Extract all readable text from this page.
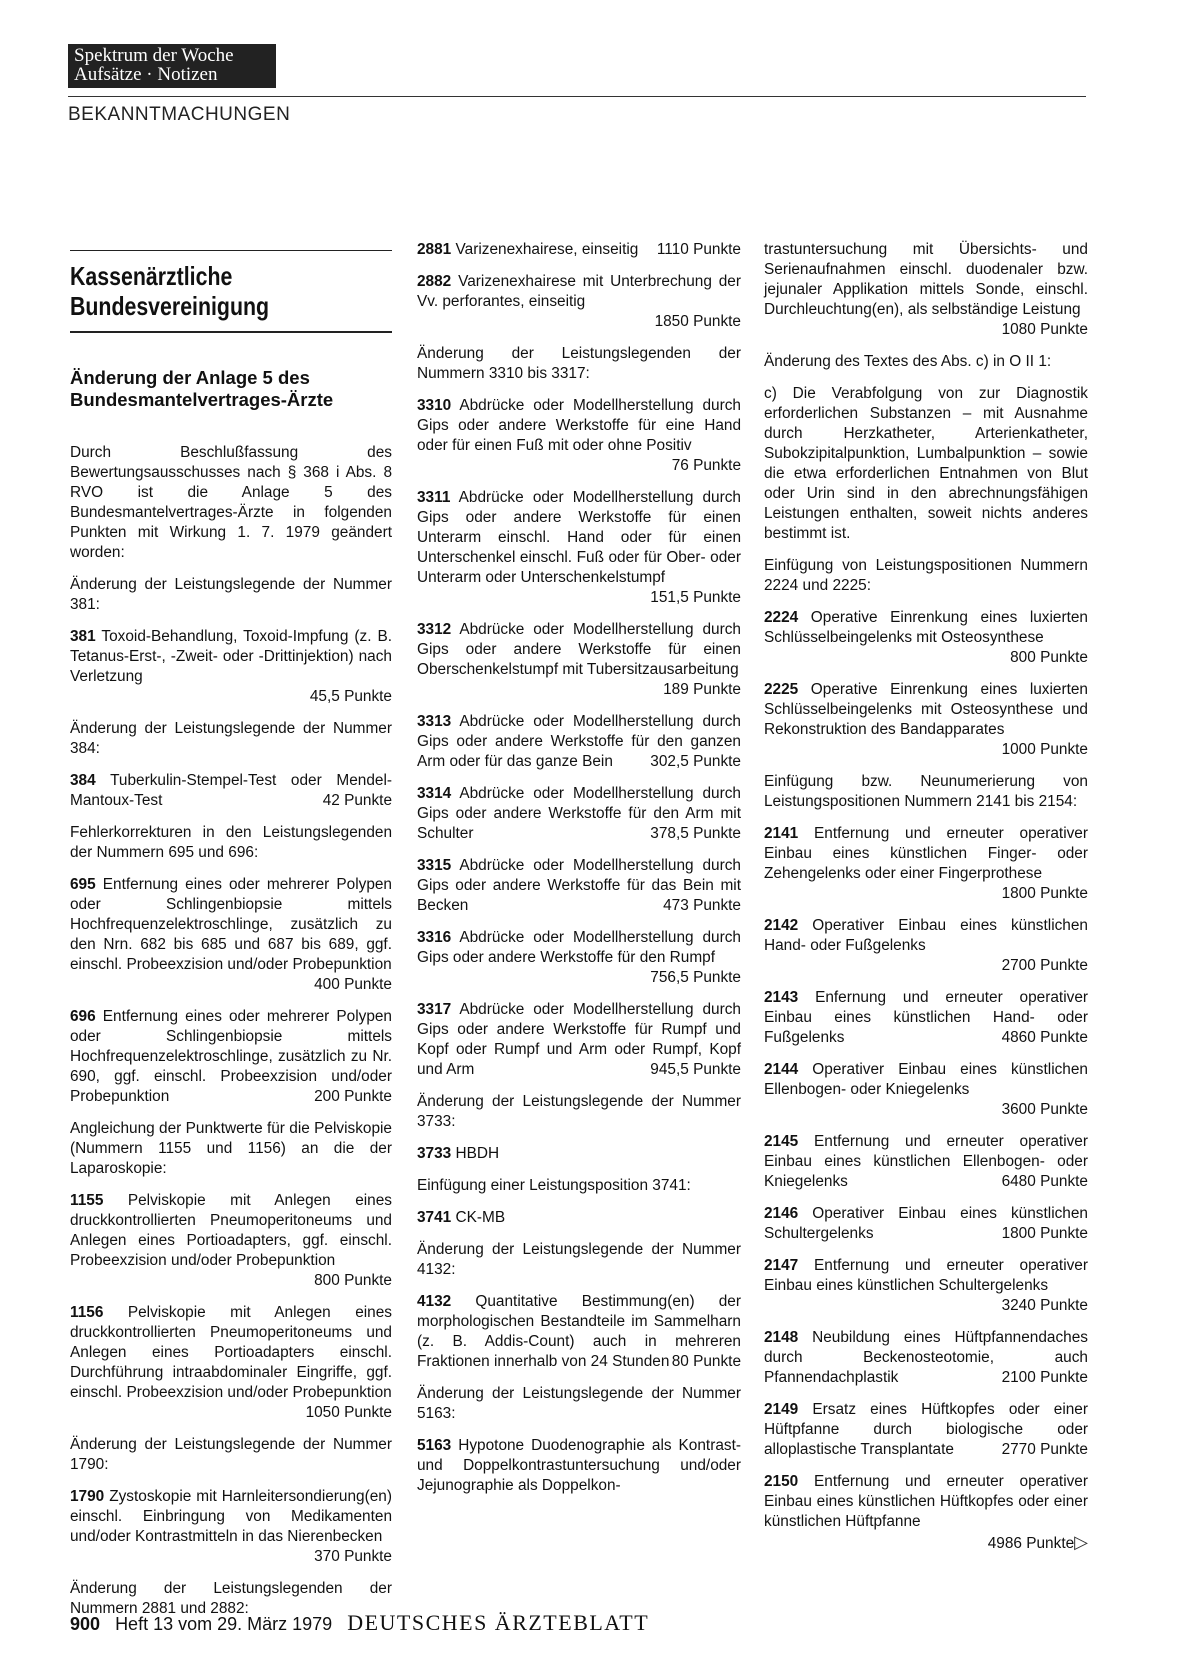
Spektrum der Woche
Aufsätze · Notizen
BEKANNTMACHUNGEN
Kassenärztliche
Bundesvereinigung
Änderung der Anlage 5 des
Bundesmantelvertrages-Ärzte
Durch Beschlußfassung des Bewertungsausschusses nach § 368 i Abs. 8 RVO ist die Anlage 5 des Bundesmantelvertrages-Ärzte in folgenden Punkten mit Wirkung 1. 7. 1979 geändert worden:
Änderung der Leistungslegende der Nummer 381:
381 Toxoid-Behandlung, Toxoid-Impfung (z. B. Tetanus-Erst-, -Zweit- oder -Drittinjektion) nach Verletzung
45,5 Punkte
Änderung der Leistungslegende der Nummer 384:
384 Tuberkulin-Stempel-Test oder Mendel-Mantoux-Test	42 Punkte
Fehlerkorrekturen in den Leistungslegenden der Nummern 695 und 696:
695 Entfernung eines oder mehrerer Polypen oder Schlingenbiopsie mittels Hochfrequenzelektroschlinge, zusätzlich zu den Nrn. 682 bis 685 und 687 bis 689, ggf. einschl. Probeexzision und/oder Probepunktion
400 Punkte
696 Entfernung eines oder mehrerer Polypen oder Schlingenbiopsie mittels Hochfrequenzelektroschlinge, zusätzlich zu Nr. 690, ggf. einschl. Probeexzision und/oder Probepunktion	200 Punkte
Angleichung der Punktwerte für die Pelviskopie (Nummern 1155 und 1156) an die der Laparoskopie:
1155 Pelviskopie mit Anlegen eines druckkontrollierten Pneumoperitoneums und Anlegen eines Portioadapters, ggf. einschl. Probeexzision und/oder Probepunktion
800 Punkte
1156 Pelviskopie mit Anlegen eines druckkontrollierten Pneumoperitoneums und Anlegen eines Portioadapters einschl. Durchführung intraabdominaler Eingriffe, ggf. einschl. Probeexzision und/oder Probepunktion
1050 Punkte
Änderung der Leistungslegende der Nummer 1790:
1790 Zystoskopie mit Harnleitersondierung(en) einschl. Einbringung von Medikamenten und/oder Kontrastmitteln in das Nierenbecken
370 Punkte
Änderung der Leistungslegenden der Nummern 2881 und 2882:
2881 Varizenexhairese, einseitig 1110 Punkte
2882 Varizenexhairese mit Unterbrechung der Vv. perforantes, einseitig
1850 Punkte
Änderung der Leistungslegenden der Nummern 3310 bis 3317:
3310 Abdrücke oder Modellherstellung durch Gips oder andere Werkstoffe für eine Hand oder für einen Fuß mit oder ohne Positiv
76 Punkte
3311 Abdrücke oder Modellherstellung durch Gips oder andere Werkstoffe für einen Unterarm einschl. Hand oder für einen Unterschenkel einschl. Fuß oder für Ober- oder Unterarm oder Unterschenkelstumpf
151,5 Punkte
3312 Abdrücke oder Modellherstellung durch Gips oder andere Werkstoffe für einen Oberschenkelstumpf mit Tubersitzausarbeitung
189 Punkte
3313 Abdrücke oder Modellherstellung durch Gips oder andere Werkstoffe für den ganzen Arm oder für das ganze Bein 302,5 Punkte
3314 Abdrücke oder Modellherstellung durch Gips oder andere Werkstoffe für den Arm mit Schulter	378,5 Punkte
3315 Abdrücke oder Modellherstellung durch Gips oder andere Werkstoffe für das Bein mit Becken	473 Punkte
3316 Abdrücke oder Modellherstellung durch Gips oder andere Werkstoffe für den Rumpf
756,5 Punkte
3317 Abdrücke oder Modellherstellung durch Gips oder andere Werkstoffe für Rumpf und Kopf oder Rumpf und Arm oder Rumpf, Kopf und Arm	945,5 Punkte
Änderung der Leistungslegende der Nummer 3733:
3733 HBDH
Einfügung einer Leistungsposition 3741:
3741 CK-MB
Änderung der Leistungslegende der Nummer 4132:
4132 Quantitative Bestimmung(en) der morphologischen Bestandteile im Sammelharn (z. B. Addis-Count) auch in mehreren Fraktionen innerhalb von 24 Stunden 80 Punkte
Änderung der Leistungslegende der Nummer 5163:
5163 Hypotone Duodenographie als Kontrast- und Doppelkontrastuntersuchung und/oder Jejunographie als Doppelkon-
trastuntersuchung mit Übersichts- und Serienaufnahmen einschl. duodenaler bzw. jejunaler Applikation mittels Sonde, einschl. Durchleuchtung(en), als selbständige Leistung
1080 Punkte
Änderung des Textes des Abs. c) in O II 1:
c) Die Verabfolgung von zur Diagnostik erforderlichen Substanzen – mit Ausnahme durch Herzkatheter, Arterienkatheter, Subokzipitalpunktion, Lumbalpunktion – sowie die etwa erforderlichen Entnahmen von Blut oder Urin sind in den abrechnungsfähigen Leistungen enthalten, soweit nichts anderes bestimmt ist.
Einfügung von Leistungspositionen Nummern 2224 und 2225:
2224 Operative Einrenkung eines luxierten Schlüsselbeingelenks mit Osteosynthese
800 Punkte
2225 Operative Einrenkung eines luxierten Schlüsselbeingelenks mit Osteosynthese und Rekonstruktion des Bandapparates
1000 Punkte
Einfügung bzw. Neunumerierung von Leistungspositionen Nummern 2141 bis 2154:
2141 Entfernung und erneuter operativer Einbau eines künstlichen Finger- oder Zehengelenks oder einer Fingerprothese
1800 Punkte
2142 Operativer Einbau eines künstlichen Hand- oder Fußgelenks
2700 Punkte
2143 Enfernung und erneuter operativer Einbau eines künstlichen Hand- oder Fußgelenks	4860 Punkte
2144 Operativer Einbau eines künstlichen Ellenbogen- oder Kniegelenks
3600 Punkte
2145 Entfernung und erneuter operativer Einbau eines künstlichen Ellenbogen- oder Kniegelenks	6480 Punkte
2146 Operativer Einbau eines künstlichen Schultergelenks	1800 Punkte
2147 Entfernung und erneuter operativer Einbau eines künstlichen Schultergelenks
3240 Punkte
2148 Neubildung eines Hüftpfannendaches durch Beckenosteotomie, auch Pfannendachplastik	2100 Punkte
2149 Ersatz eines Hüftkopfes oder einer Hüftpfanne durch biologische oder alloplastische Transplantate	2770 Punkte
2150 Entfernung und erneuter operativer Einbau eines künstlichen Hüftkopfes oder einer künstlichen Hüftpfanne
4986 Punkte▷
900 Heft 13 vom 29. März 1979 DEUTSCHES ÄRZTEBLATT
